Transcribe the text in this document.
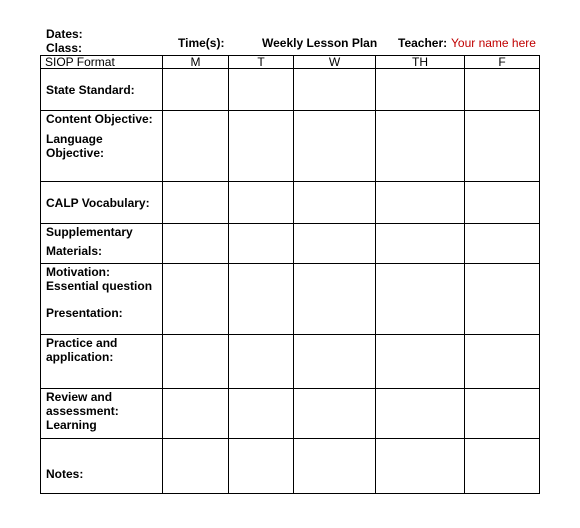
Dates:
Class:	Time(s):	Weekly Lesson Plan Teacher: Your name here
SIOP Format	M	T	W	TH	F

State Standard:					

Content Objective:
Language
Objective:					

CALP Vocabulary:					

Supplementary
Materials:					

Motivation:
Essential question
Presentation:					

Practice and
application:					

Review and
assessment:
Learning					

Notes:					
